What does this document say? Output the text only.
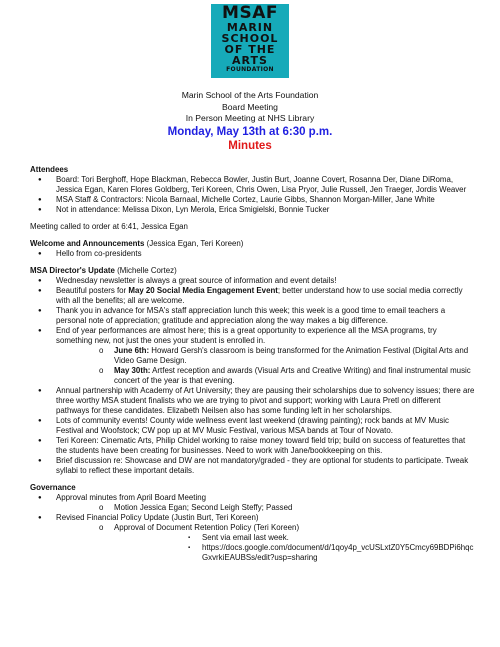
MSAF
MARIN
SCHOOL
OF THE ARTS
FOUNDATION
Marin School of the Arts Foundation
Board Meeting
In Person Meeting at NHS Library
Monday, May 13th at 6:30 p.m.
Minutes
Attendees
● Board: Tori Berghoff, Hope Blackman, Rebecca Bowler, Justin Burt, Joanne Covert, Rosanna Der, Diane DiRoma, Jessica Egan, Karen Flores Goldberg, Teri Koreen, Chris Owen, Lisa Pryor, Julie Russell, Jen Traeger, Jordis Weaver
● MSA Staff & Contractors: Nicola Barnaal, Michelle Cortez, Laurie Gibbs, Shannon Morgan-Miller, Jane White
● Not in attendance: Melissa Dixon, Lyn Merola, Erica Smigielski, Bonnie Tucker
Meeting called to order at 6:41, Jessica Egan
Welcome and Announcements (Jessica Egan, Teri Koreen)
● Hello from co-presidents
MSA Director's Update (Michelle Cortez)
● Wednesday newsletter is always a great source of information and event details!
● Beautiful posters for May 20 Social Media Engagement Event; better understand how to use social media correctly with all the benefits; all are welcome.
● Thank you in advance for MSA's staff appreciation lunch this week; this week is a good time to email teachers a personal note of appreciation; gratitude and appreciation along the way makes a big difference.
● End of year performances are almost here; this is a great opportunity to experience all the MSA programs, try something new, not just the ones your student is enrolled in.
o June 6th: Howard Gersh's classroom is being transformed for the Animation Festival (Digital Arts and Video Game Design.
o May 30th: Artfest reception and awards (Visual Arts and Creative Writing) and final instrumental music concert of the year is that evening.
● Annual partnership with Academy of Art University; they are pausing their scholarships due to solvency issues; there are three worthy MSA student finalists who we are trying to pivot and support; working with Laura Pretl on different pathways for these candidates. Elizabeth Neilsen also has some funding left in her scholarships.
● Lots of community events! County wide wellness event last weekend (drawing painting); rock bands at MV Music Festival and Woofstock; CW pop up at MV Music Festival, various MSA bands at Tour of Novato.
● Teri Koreen: Cinematic Arts, Philip Chidel working to raise money toward field trip; build on success of featurettes that the students have been creating for businesses. Need to work with Jane/bookkeeping on this.
● Brief discussion re: Showcase and DW are not mandatory/graded - they are optional for students to participate. Tweak syllabi to reflect these important details.
Governance
● Approval minutes from April Board Meeting
o Motion Jessica Egan; Second Leigh Steffy; Passed
● Revised Financial Policy Update (Justin Burt, Teri Koreen)
o Approval of Document Retention Policy (Teri Koreen)
▪ Sent via email last week.
▪ https://docs.google.com/document/d/1qoy4p_vcUSLxtZ0Y5Cmcy69BDPi6hqcGxvrkiEAUBSs/edit?usp=sharing
